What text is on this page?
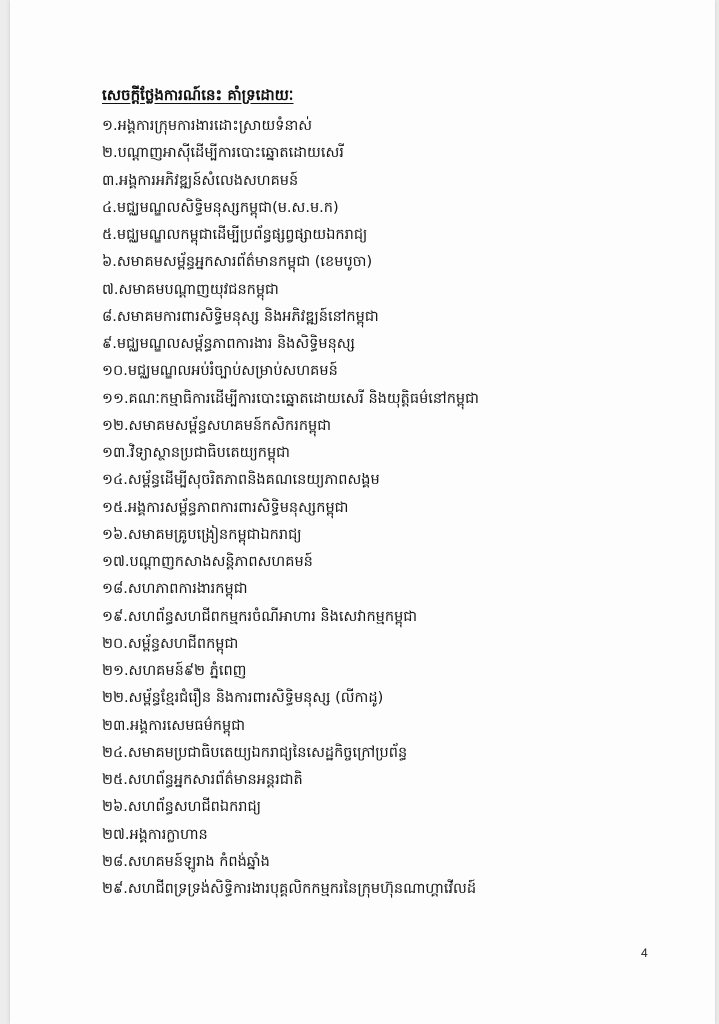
សេចក្តីថ្លែងការណ៍នេះ គាំទ្រដោយៈ
១.អង្គការក្រុមការងារដោះស្រាយទំនាស់
២.បណ្តាញអាស៊ីដើម្បីការបោះឆ្នោតដោយសេរី
៣.អង្គការអភិវឌ្ឍន៍សំលេងសហគមន៍
៤.មជ្ឈមណ្ឌលសិទ្ធិមនុស្សកម្ពុជា(ម.ស.ម.ក)
៥.មជ្ឈមណ្ឌលកម្ពុជាដើម្បីប្រព័ន្ធផ្សព្វផ្សាយឯករាជ្យ
៦.សមាគមសម្ព័ន្ធអ្នកសារព័ត៌មានកម្ពុជា (ខេមបូចា)
៧.សមាគមបណ្តាញយុវជនកម្ពុជា
៨.សមាគមការពារសិទ្ធិមនុស្ស និងអភិវឌ្ឍន៍នៅកម្ពុជា
៩.មជ្ឈមណ្ឌលសម្ព័ន្ធភាពការងារ និងសិទ្ធិមនុស្ស
១០.មជ្ឈមណ្ឌលអប់រំច្បាប់សម្រាប់សហគមន៍
១១.គណៈកម្មាធិការដើម្បីការបោះឆ្នោតដោយសេរី និងយុត្តិធម៌នៅកម្ពុជា
១២.សមាគមសម្ព័ន្ធសហគមន៍កសិករកម្ពុជា
១៣.វិទ្យាស្ថានប្រជាធិបតេយ្យកម្ពុជា
១៤.សម្ព័ន្ធដើម្បីសុចរិតភាពនិងគណនេយ្យភាពសង្គម
១៥.អង្គការសម្ព័ន្ធភាពការពារសិទ្ធិមនុស្សកម្ពុជា
១៦.សមាគមគ្រូបង្រៀនកម្ពុជាឯករាជ្យ
១៧.បណ្តាញកសាងសន្តិភាពសហគមន៍
១៨.សហភាពការងារកម្ពុជា
១៩.សហព័ន្ធសហជីពកម្មករចំណីអាហារ និងសេវាកម្មកម្ពុជា
២០.សម្ព័ន្ធសហជីពកម្ពុជា
២១.សហគមន៍៩២ ភ្នំពេញ
២២.សម្ព័ន្ធខ្មែរជំរឿន និងការពារសិទ្ធិមនុស្ស (លីកាដូ)
២៣.អង្គការសេមធម៌កម្ពុជា
២៤.សមាគមប្រជាធិបតេយ្យឯករាជ្យនៃសេដ្ឋកិច្ចក្រៅប្រព័ន្ធ
២៥.សហព័ន្ធអ្នកសារព័ត៌មានអន្តរជាតិ
២៦.សហព័ន្ធសហជីពឯករាជ្យ
២៧.អង្គការក្លាហាន
២៨.សហគមន៍ឡូរាង កំពង់ឆ្នាំង
២៩.សហជីពទ្រទ្រង់សិទ្ធិការងារបុគ្គលិកកម្មករនៃក្រុមហ៊ុនណាហ្គាវើលដ៍
4
